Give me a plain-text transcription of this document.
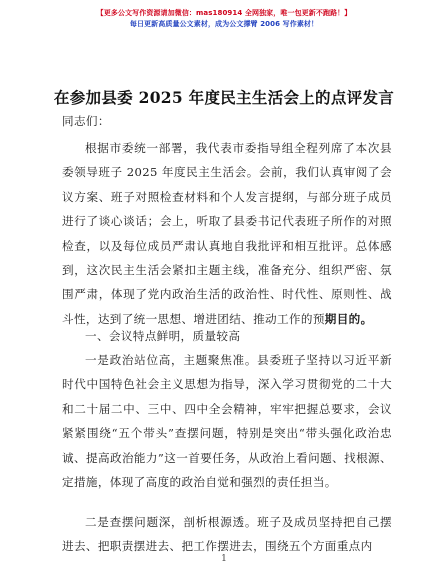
【更多公文写作资源请加微信：mas180914 全网独家，唯一包更新不跑路！】
每日更新高质量公文素材，成为公文撑臂 2006 写作素材！
在参加县委 2025 年度民主生活会上的点评发言
同志们：
根据市委统一部署，我代表市委指导组全程列席了本次县委领导班子 2025 年度民主生活会。会前，我们认真审阅了会议方案、班子对照检查材料和个人发言提纲，与部分班子成员进行了谈心谈话；会上，听取了县委书记代表班子所作的对照检查，以及每位成员严肃认真地自我批评和相互批评。总体感到，这次民主生活会紧扣主题主线，准备充分、组织严密、氛围严肃，体现了党内政治生活的政治性、时代性、原则性、战斗性，达到了统一思想、增进团结、推动工作的预期目的。
一、会议特点鲜明，质量较高
一是政治站位高，主题聚焦准。县委班子坚持以习近平新时代中国特色社会主义思想为指导，深入学习贯彻党的二十大和二十届二中、三中、四中全会精神，牢牢把握总要求，会议紧紧围绕“五个带头”查摆问题，特别是突出“带头强化政治忠诚、提高政治能力”这一首要任务，从政治上看问题、找根源、定措施，体现了高度的政治自觉和强烈的责任担当。
二是查摆问题深，剖析根源透。班子及成员坚持把自己摆进去、把职责摆进去、把工作摆进去，围绕五个方面重点内
1
